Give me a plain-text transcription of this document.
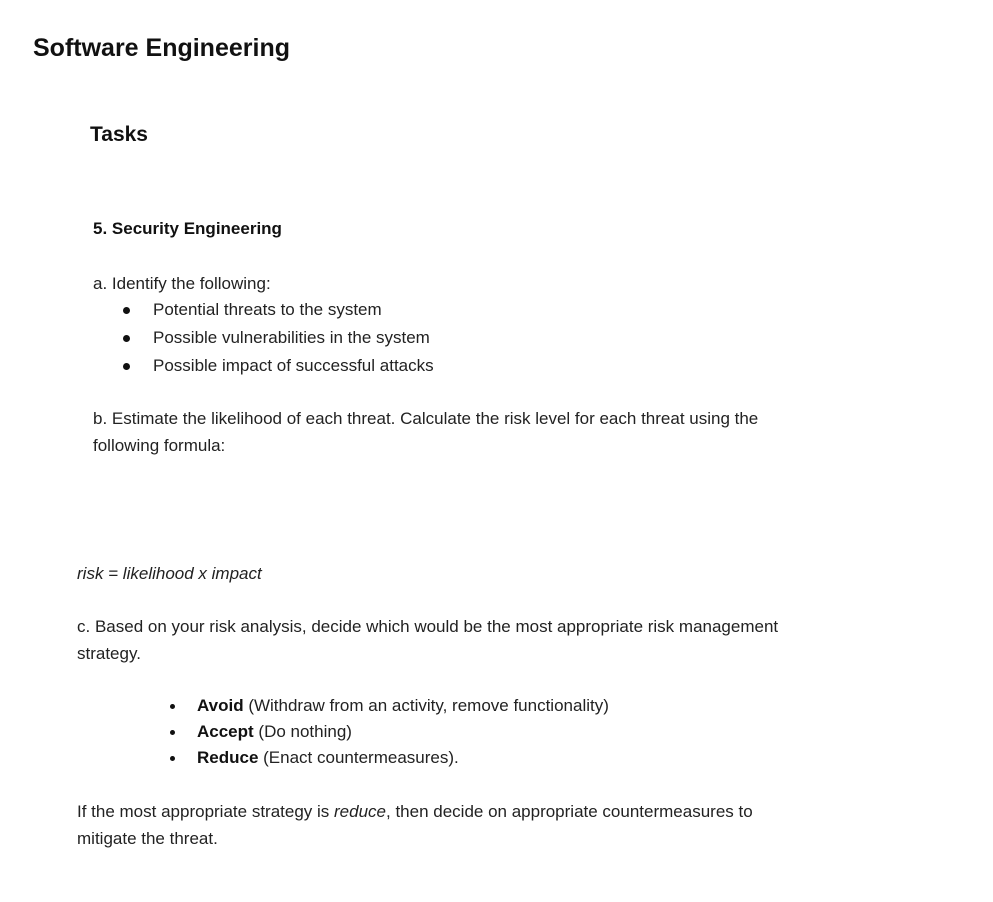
Software Engineering
Tasks
5. Security Engineering

a. Identify the following:

Potential threats to the system
Possible vulnerabilities in the system
Possible impact of successful attacks

b. Estimate the likelihood of each threat. Calculate the risk level for each threat using the

following formula:

risk = likelihood x impact

c. Based on your risk analysis, decide which would be the most appropriate risk management

strategy.

Avoid (Withdraw from an activity, remove functionality)
Accept (Do nothing)
Reduce (Enact countermeasures).

If the most appropriate strategy is reduce, then decide on appropriate countermeasures to

mitigate the threat.
